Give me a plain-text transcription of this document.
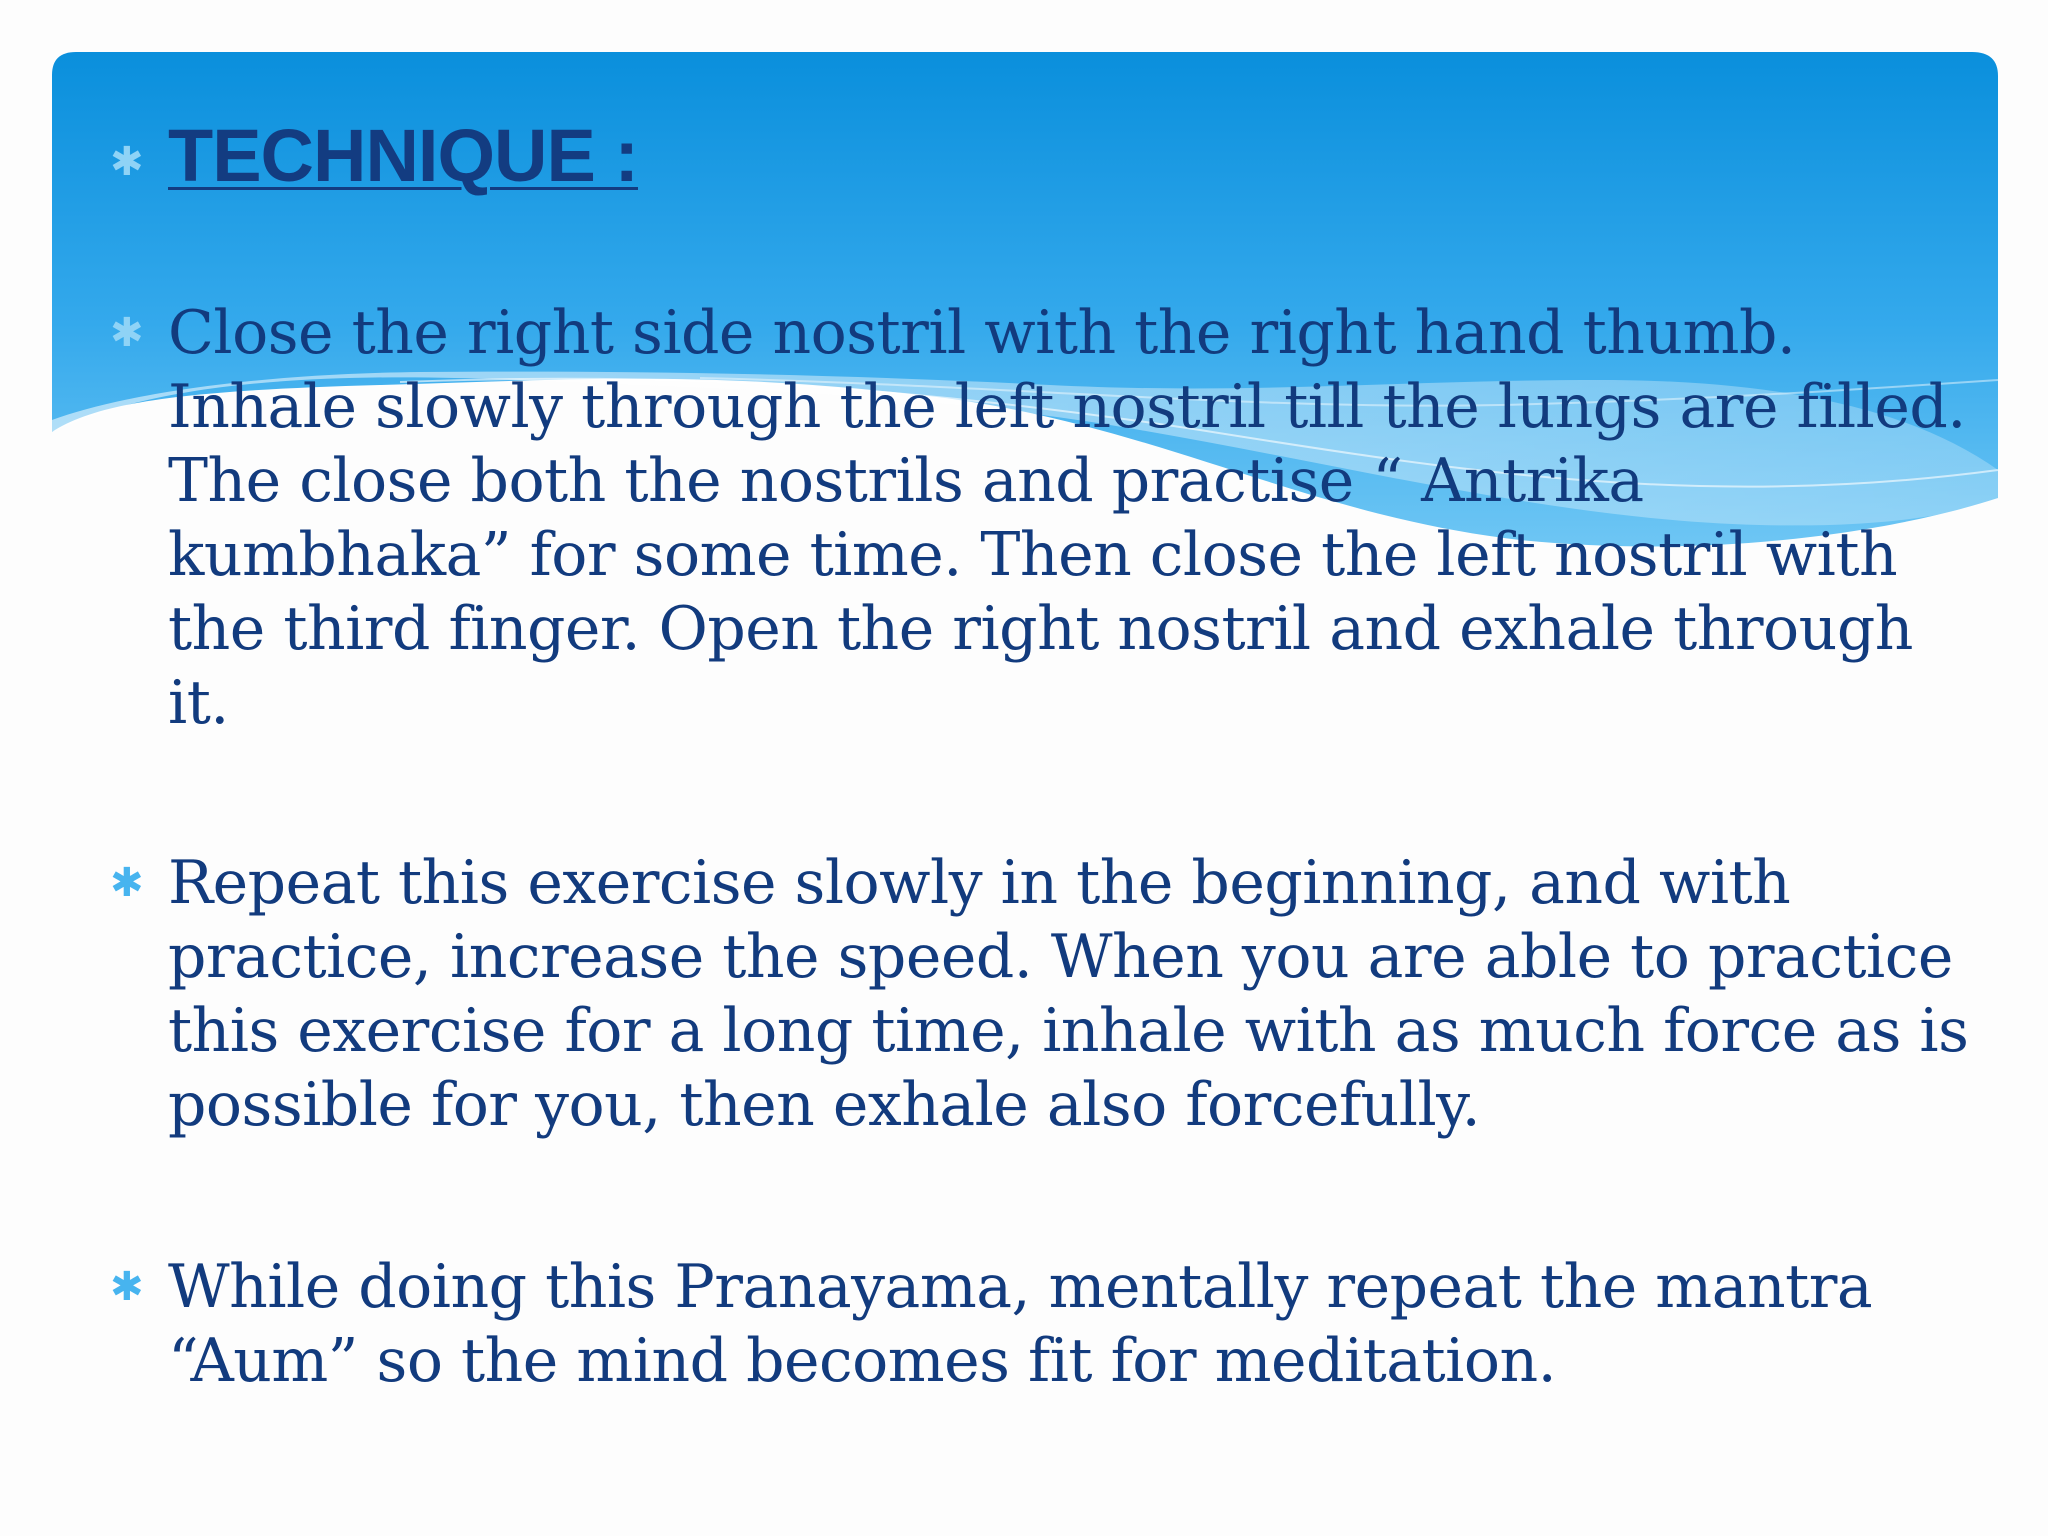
✱ TECHNIQUE :
✱ Close the right side nostril with the right hand thumb. Inhale slowly through the left nostril till the lungs are filled. The close both the nostrils and practise “ Antrika kumbhaka” for some time. Then close the left nostril with the third finger. Open the right nostril and exhale through it.
✱ Repeat this exercise slowly in the beginning, and with practice, increase the speed. When you are able to practice this exercise for a long time, inhale with as much force as is possible for you, then exhale also forcefully.
✱ While doing this Pranayama, mentally repeat the mantra “Aum” so the mind becomes fit for meditation.
